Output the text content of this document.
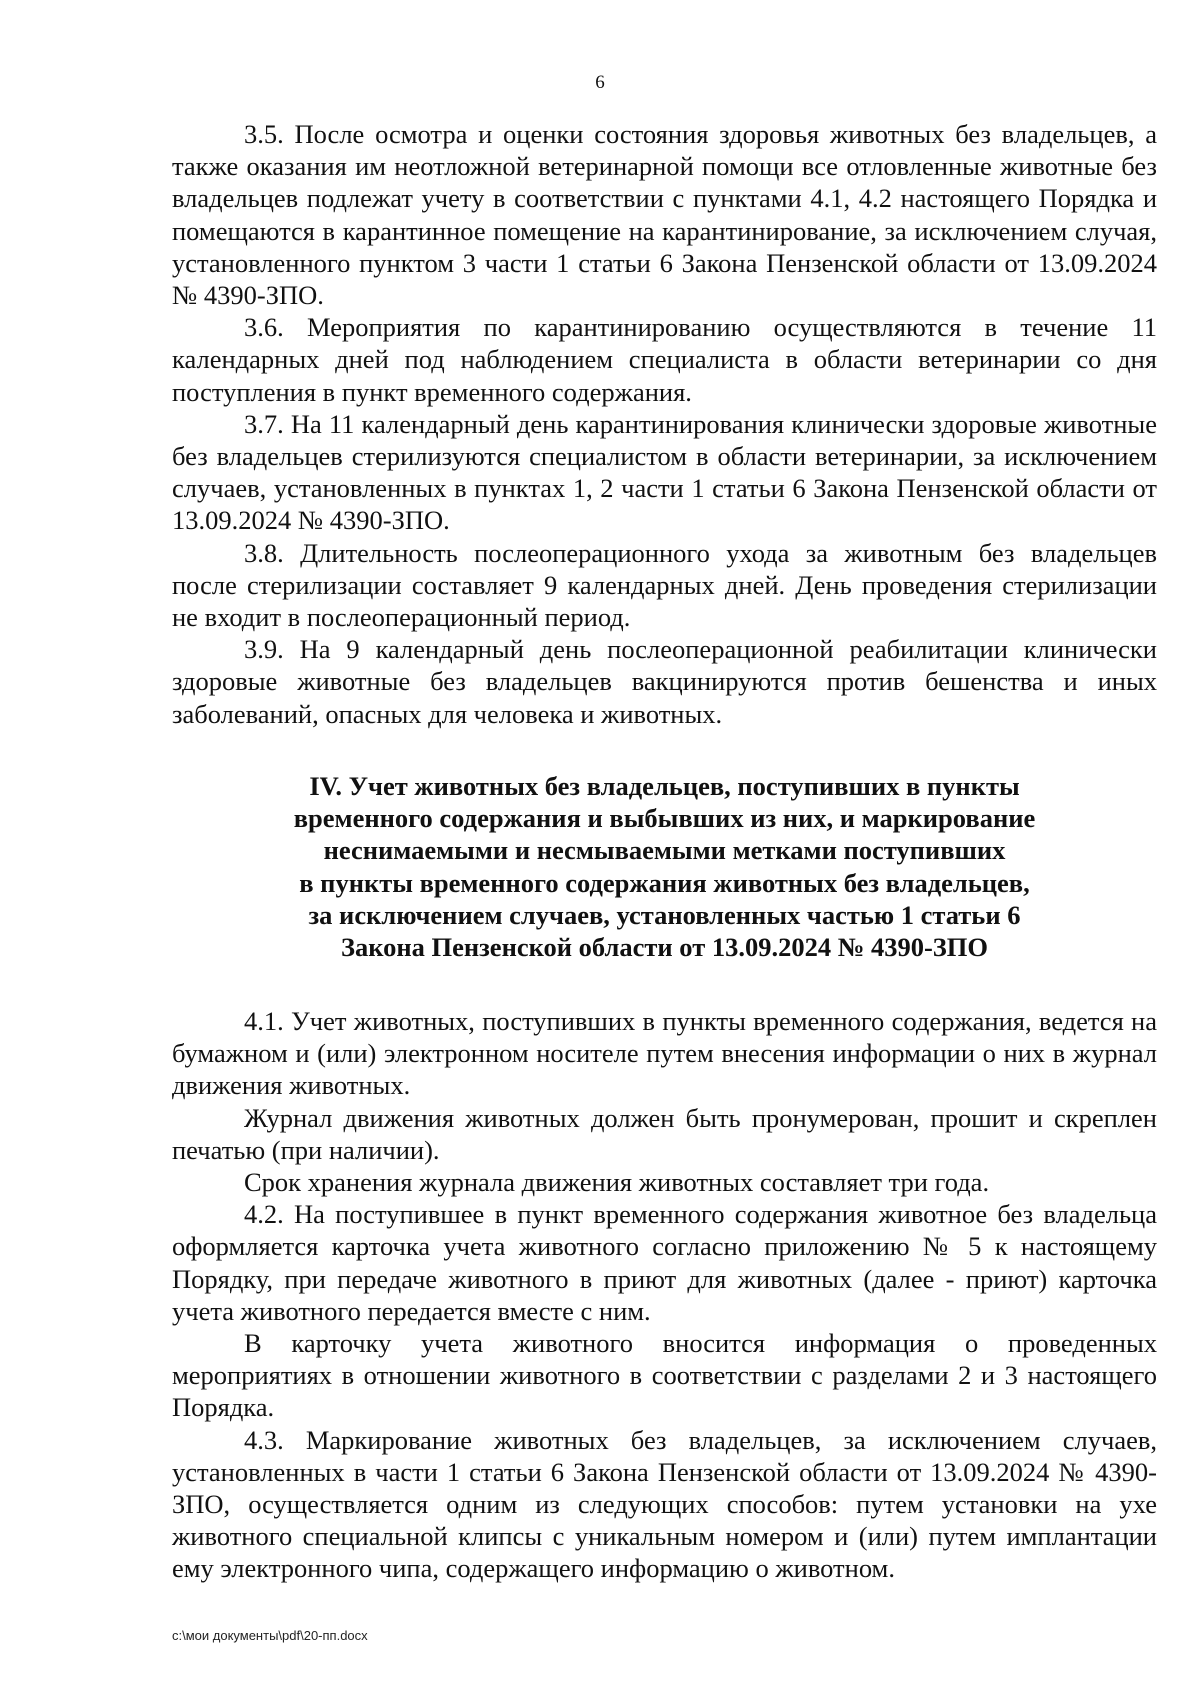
6

3.5. После осмотра и оценки состояния здоровья животных без владельцев, а также оказания им неотложной ветеринарной помощи все отловленные животные без владельцев подлежат учету в соответствии с пунктами 4.1, 4.2 настоящего Порядка и помещаются в карантинное помещение на карантинирование, за исключением случая, установленного пунктом 3 части 1 статьи 6 Закона Пензенской области от 13.09.2024 № 4390-ЗПО.

3.6. Мероприятия по карантинированию осуществляются в течение 11 календарных дней под наблюдением специалиста в области ветеринарии со дня поступления в пункт временного содержания.

3.7. На 11 календарный день карантинирования клинически здоровые животные без владельцев стерилизуются специалистом в области ветеринарии, за исключением случаев, установленных в пунктах 1, 2 части 1 статьи 6 Закона Пензенской области от 13.09.2024 № 4390-ЗПО.

3.8. Длительность послеоперационного ухода за животным без владельцев после стерилизации составляет 9 календарных дней. День проведения стерилизации не входит в послеоперационный период.

3.9. На 9 календарный день послеоперационной реабилитации клинически здоровые животные без владельцев вакцинируются против бешенства и иных заболеваний, опасных для человека и животных.

IV. Учет животных без владельцев, поступивших в пункты
временного содержания и выбывших из них, и маркирование
неснимаемыми и несмываемыми метками поступивших
в пункты временного содержания животных без владельцев,
за исключением случаев, установленных частью 1 статьи 6
Закона Пензенской области от 13.09.2024 № 4390-ЗПО

4.1. Учет животных, поступивших в пункты временного содержания, ведется на бумажном и (или) электронном носителе путем внесения информации о них в журнал движения животных.

Журнал движения животных должен быть пронумерован, прошит и скреплен печатью (при наличии).

Срок хранения журнала движения животных составляет три года.

4.2. На поступившее в пункт временного содержания животное без владельца оформляется карточка учета животного согласно приложению № 5 к настоящему Порядку, при передаче животного в приют для животных (далее - приют) карточка учета животного передается вместе с ним.

В карточку учета животного вносится информация о проведенных мероприятиях в отношении животного в соответствии с разделами 2 и 3 настоящего Порядка.

4.3. Маркирование животных без владельцев, за исключением случаев, установленных в части 1 статьи 6 Закона Пензенской области от 13.09.2024 № 4390-ЗПО, осуществляется одним из следующих способов: путем установки на ухе животного специальной клипсы с уникальным номером и (или) путем имплантации ему электронного чипа, содержащего информацию о животном.

c:\мои документы\pdf\20-пп.docx
